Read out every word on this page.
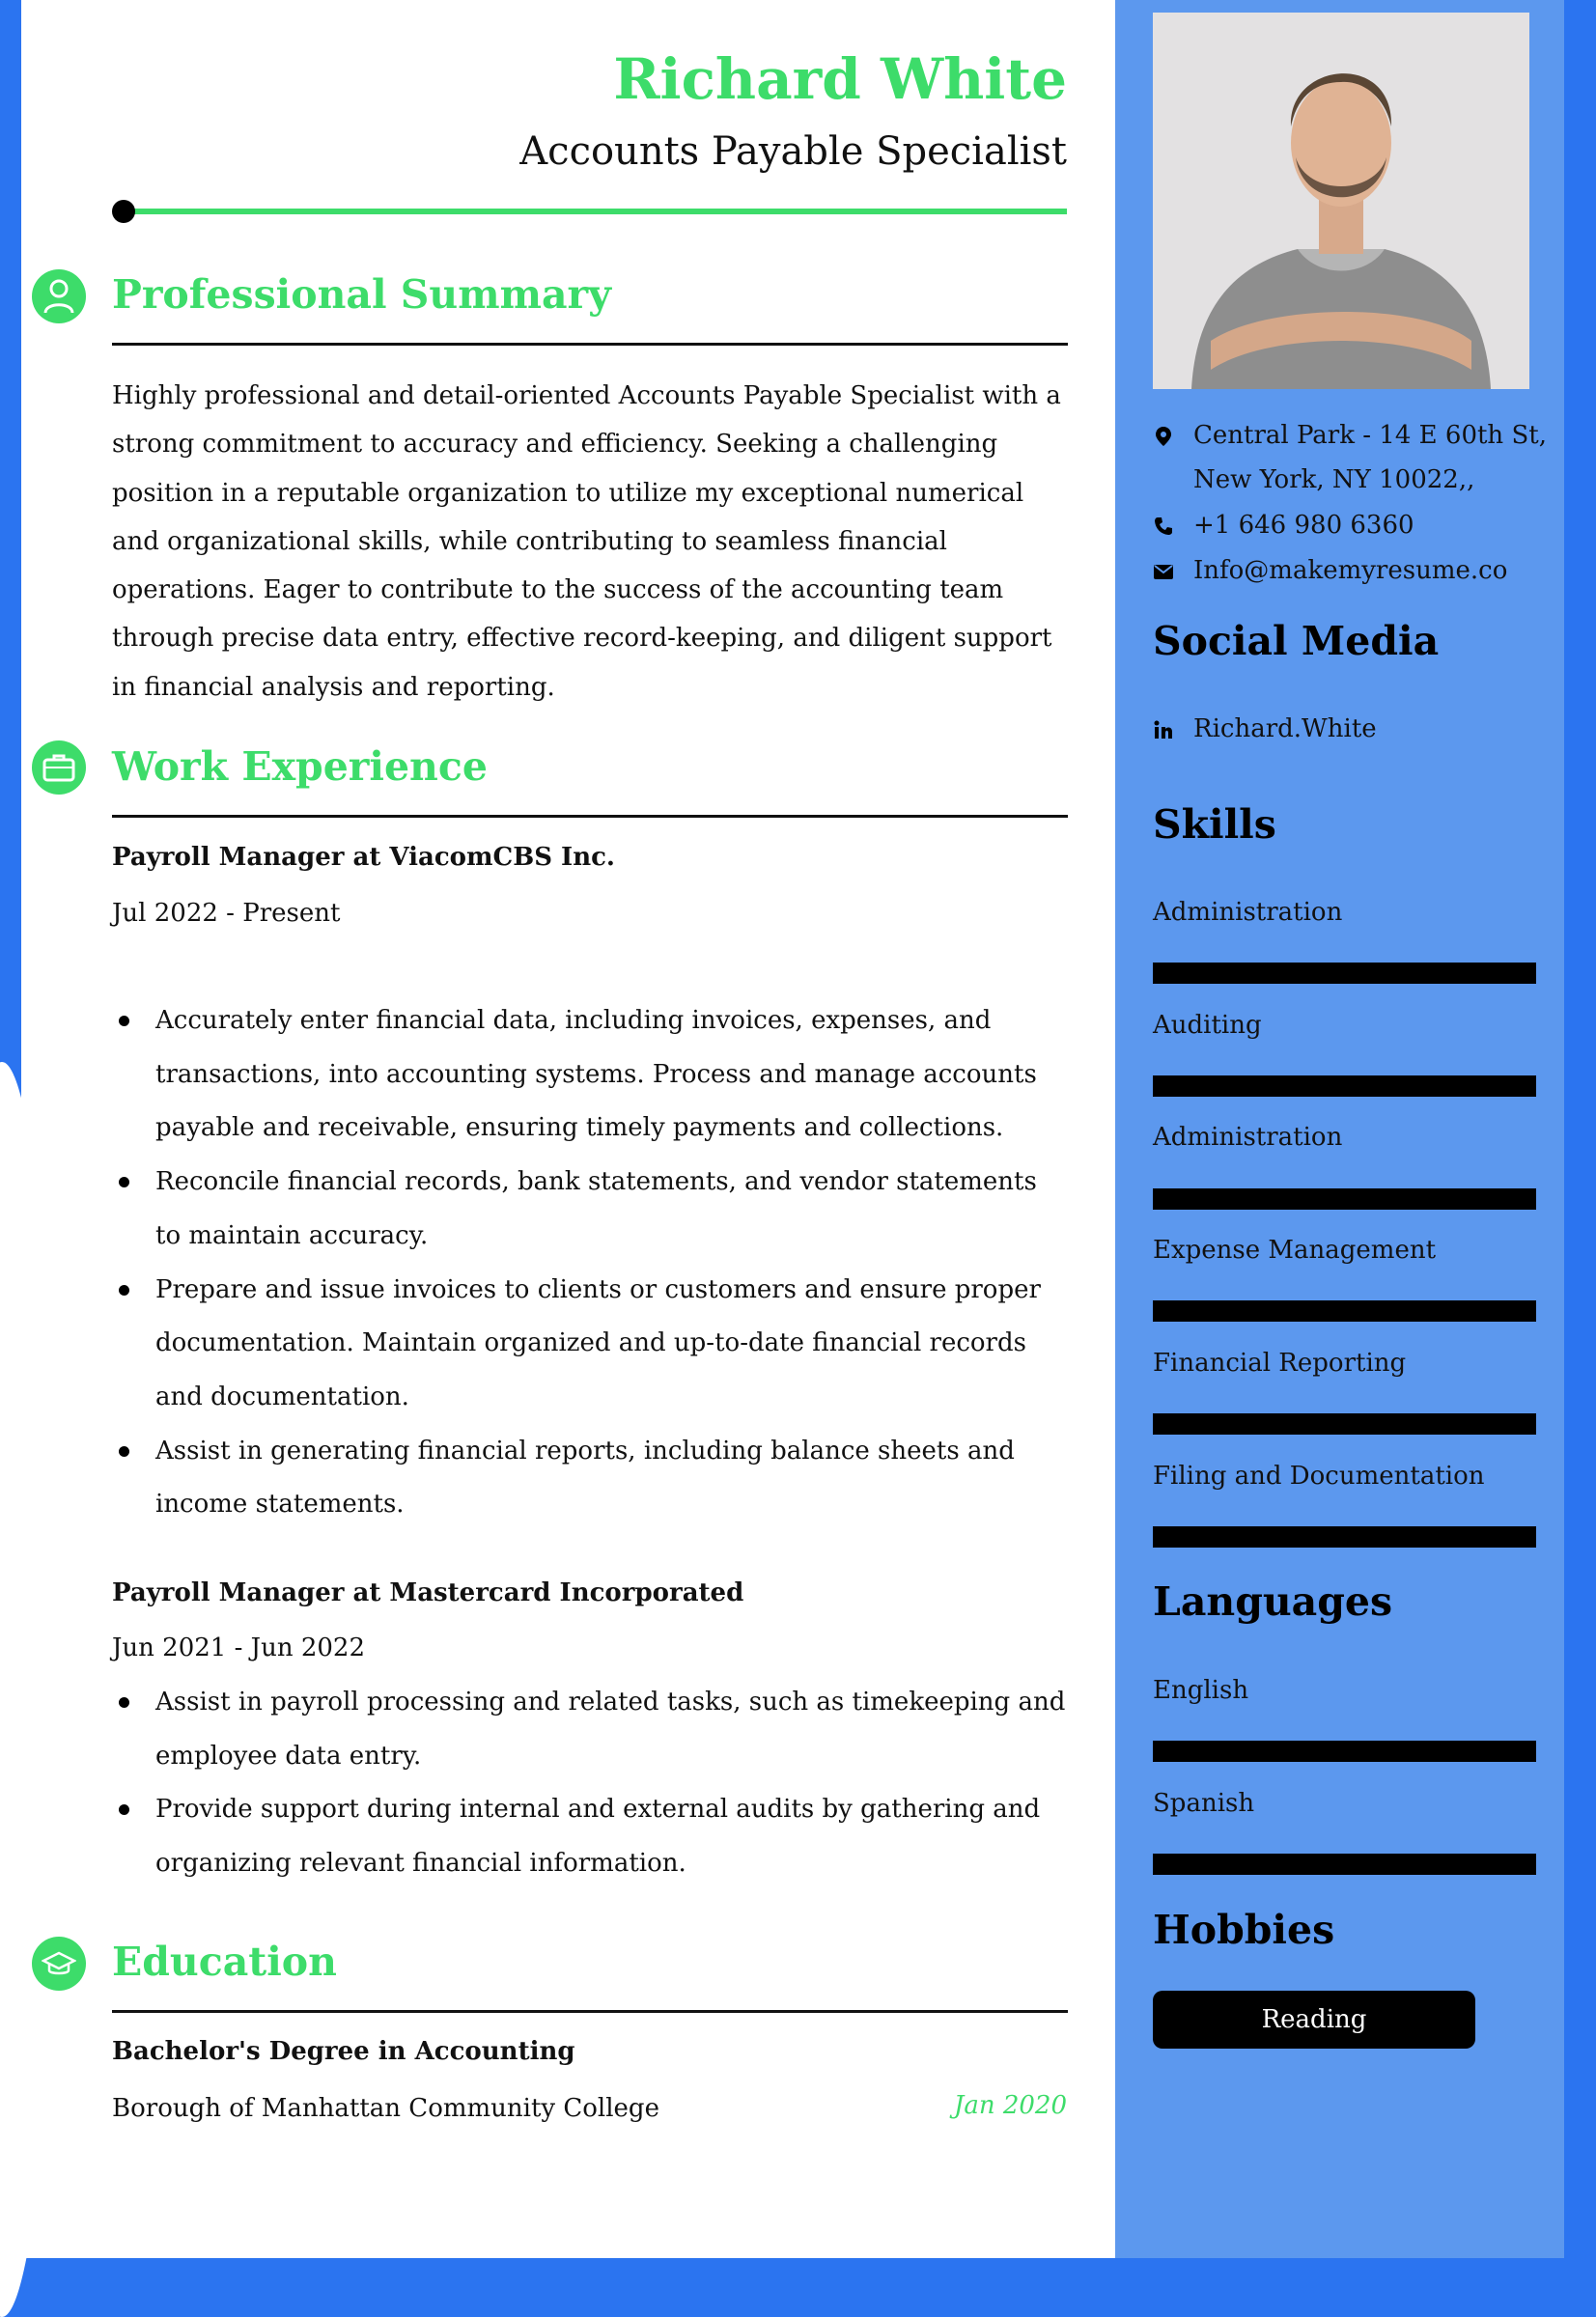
Richard White
Accounts Payable Specialist
Professional Summary
Highly professional and detail-oriented Accounts Payable Specialist with a strong commitment to accuracy and efficiency. Seeking a challenging position in a reputable organization to utilize my exceptional numerical and organizational skills, while contributing to seamless financial operations. Eager to contribute to the success of the accounting team through precise data entry, effective record-keeping, and diligent support in financial analysis and reporting.
Work Experience
Payroll Manager at ViacomCBS Inc.
Jul 2022 - Present
Accurately enter financial data, including invoices, expenses, and transactions, into accounting systems. Process and manage accounts payable and receivable, ensuring timely payments and collections.
Reconcile financial records, bank statements, and vendor statements to maintain accuracy.
Prepare and issue invoices to clients or customers and ensure proper documentation. Maintain organized and up-to-date financial records and documentation.
Assist in generating financial reports, including balance sheets and income statements.
Payroll Manager at Mastercard Incorporated
Jun 2021 - Jun 2022
Assist in payroll processing and related tasks, such as timekeeping and employee data entry.
Provide support during internal and external audits by gathering and organizing relevant financial information.
Education
Bachelor's Degree in Accounting
Borough of Manhattan Community College	Jan 2020
Central Park - 14 E 60th St, New York, NY 10022,,
+1 646 980 6360
Info@makemyresume.co
Social Media
Richard.White
Skills
Administration
Auditing
Administration
Expense Management
Financial Reporting
Filing and Documentation
Languages
English
Spanish
Hobbies
Reading
